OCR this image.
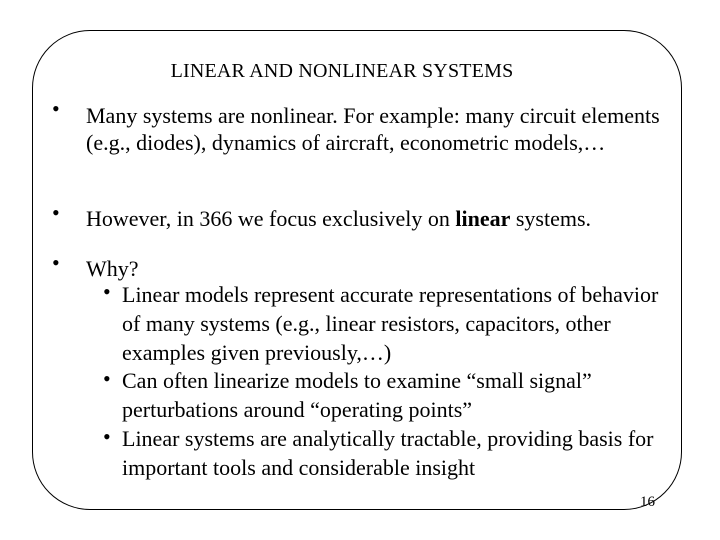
LINEAR AND NONLINEAR SYSTEMS
• Many systems are nonlinear. For example: many circuit elements (e.g., diodes), dynamics of aircraft, econometric models,…
• However, in 366 we focus exclusively on linear systems.
• Why?
• Linear models represent accurate representations of behavior of many systems (e.g., linear resistors, capacitors, other examples given previously,…)
• Can often linearize models to examine “small signal” perturbations around “operating points”
• Linear systems are analytically tractable, providing basis for important tools and considerable insight
16
